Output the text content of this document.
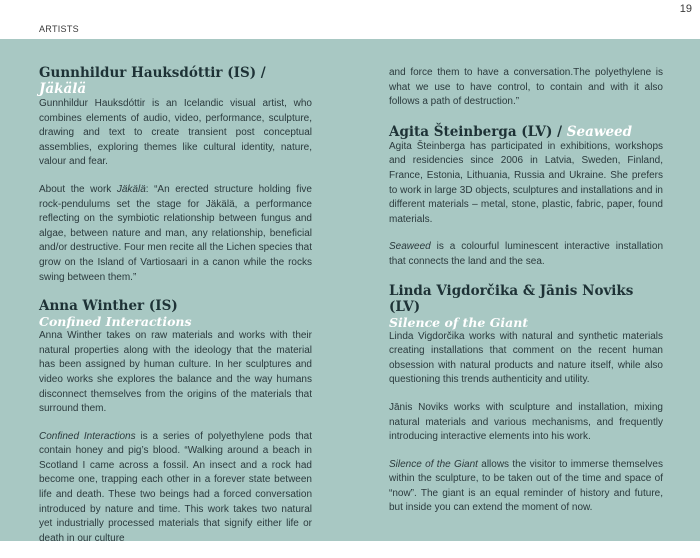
ARTISTS
19

Gunnhildur Hauksdóttir (IS) / Jäkälä

Gunnhildur Hauksdóttir is an Icelandic visual artist, who combines elements of audio, video, performance, sculpture, drawing and text to create transient post conceptual assemblies, exploring themes like cultural identity, nature, valour and fear.

About the work Jäkälä: “An erected structure holding five rock-pendulums set the stage for Jäkälä, a performance reflecting on the symbiotic relationship between fungus and algae, between nature and man, any relationship, beneficial and/or destructive. Four men recite all the Lichen species that grow on the Island of Vartiosaari in a canon while the rocks swing between them.”

Anna Winther (IS)

Confined Interactions

Anna Winther takes on raw materials and works with their natural properties along with the ideology that the material has been assigned by human culture. In her sculptures and video works she explores the balance and the way humans disconnect themselves from the origins of the materials that surround them.

Confined Interactions is a series of polyethylene pods that contain honey and pig’s blood. “Walking around a beach in Scotland I came across a fossil. An insect and a rock had become one, trapping each other in a forever state between life and death. These two beings had a forced conversation introduced by nature and time. This work takes two natural yet industrially processed materials that signify either life or death in our culture

and force them to have a conversation.The polyethylene is what we use to have control, to contain and with it also follows a path of destruction.”

Agita Šteinberga (LV) / Seaweed

Agita Šteinberga has participated in exhibitions, workshops and residencies since 2006 in Latvia, Sweden, Finland, France, Estonia, Lithuania, Russia and Ukraine. She prefers to work in large 3D objects, sculptures and installations and in different materials – metal, stone, plastic, fabric, paper, found materials.

Seaweed is a colourful luminescent interactive installation that connects the land and the sea.

Linda Vigdorčika & Jānis Noviks (LV)

Silence of the Giant

Linda Vigdorčika works with natural and synthetic materials creating installations that comment on the recent human obsession with natural products and nature itself, while also questioning this trends authenticity and utility.

Jānis Noviks works with sculpture and installation, mixing natural materials and various mechanisms, and frequently introducing interactive elements into his work.

Silence of the Giant allows the visitor to immerse themselves within the sculpture, to be taken out of the time and space of “now”. The giant is an equal reminder of history and future, but inside you can extend the moment of now.
